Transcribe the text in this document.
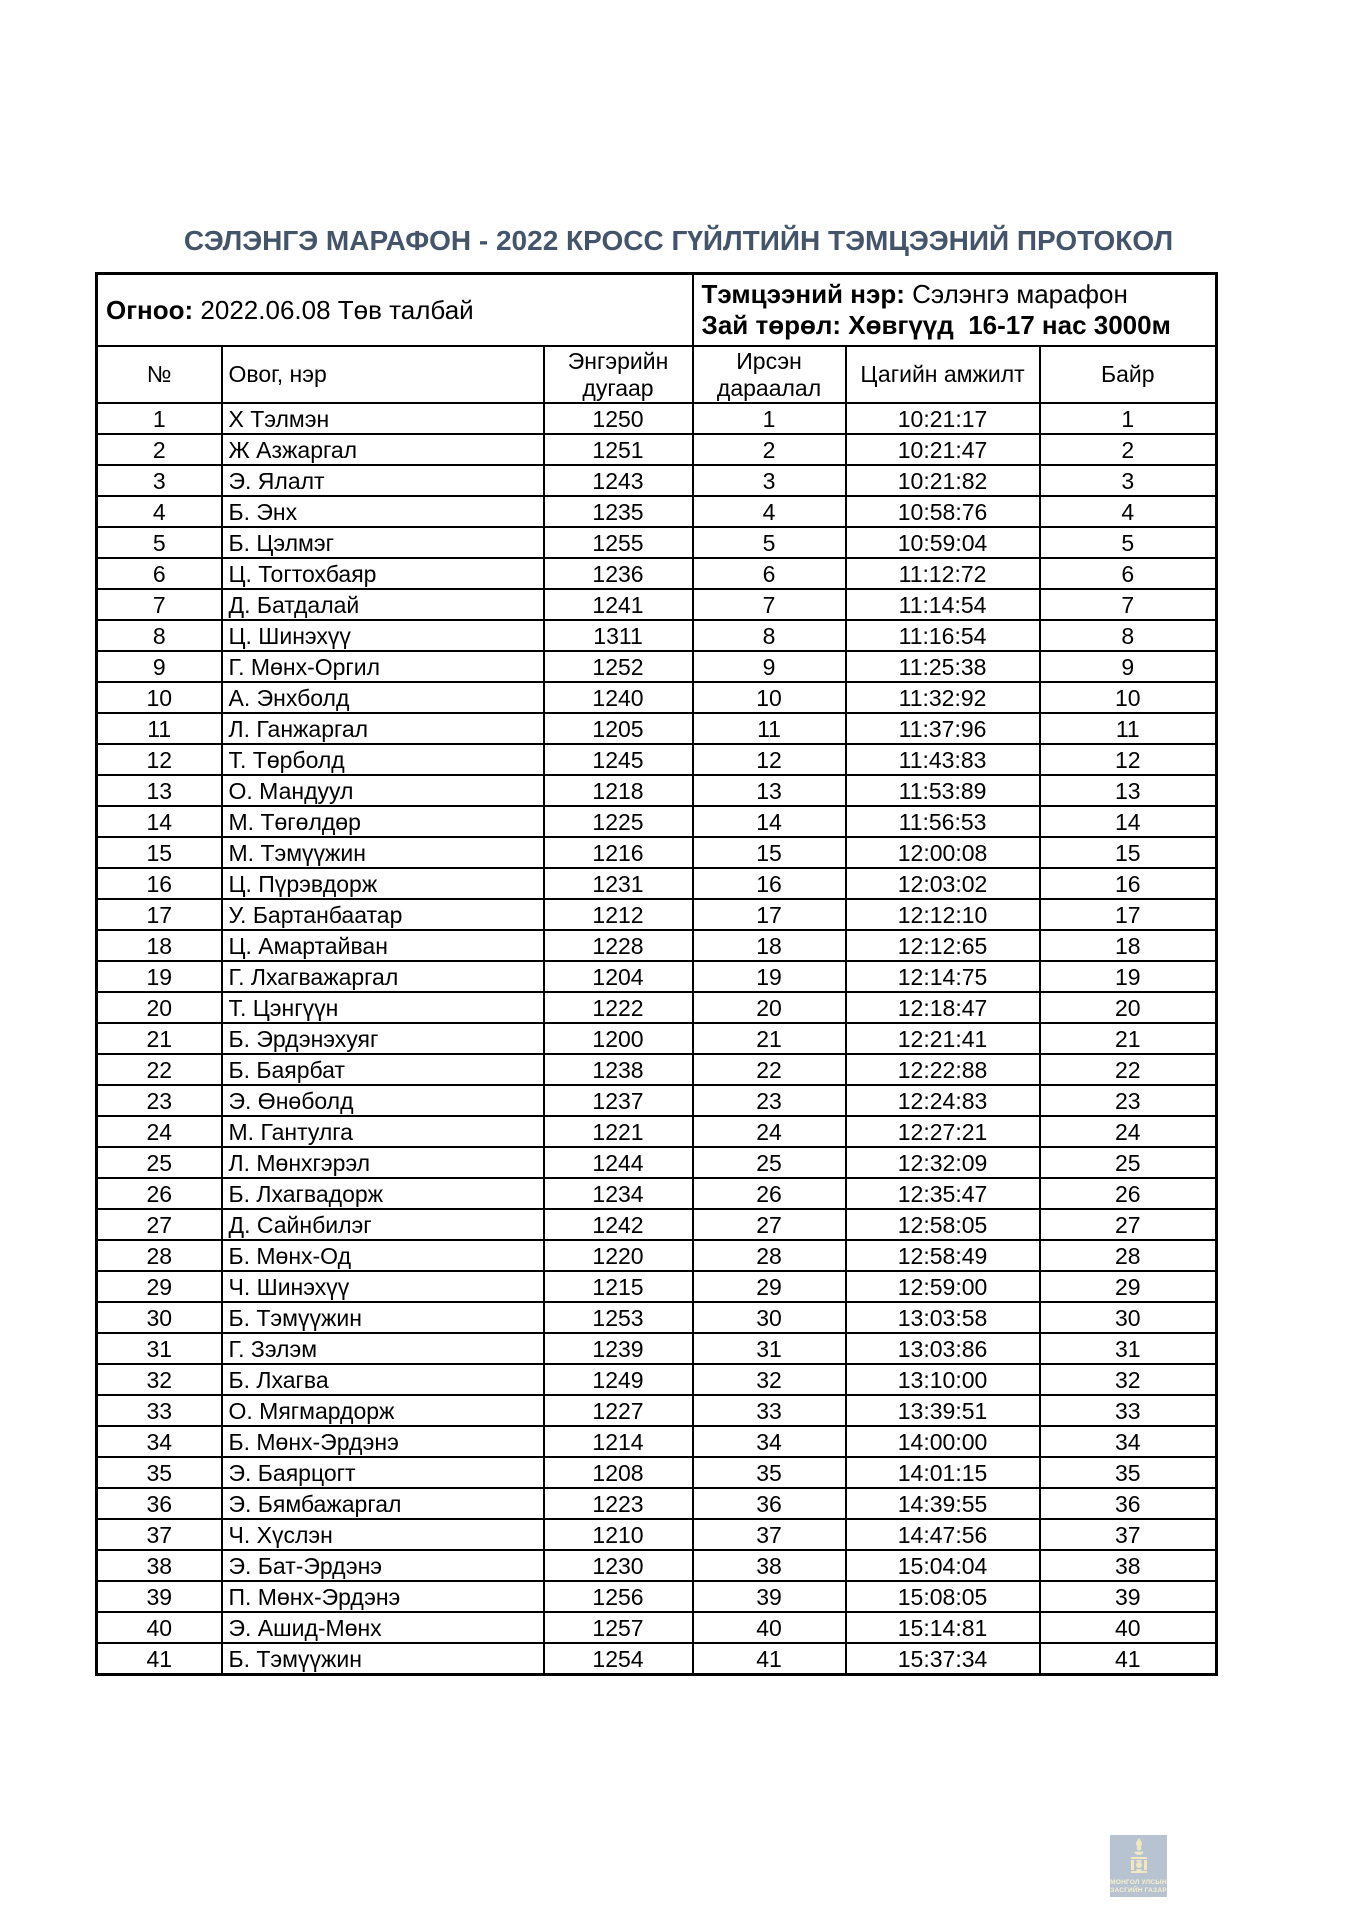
СЭЛЭНГЭ МАРАФОН - 2022 КРОСС ГҮЙЛТИЙН ТЭМЦЭЭНИЙ ПРОТОКОЛ
Огноо: 2022.06.08 Төв талбай			Тэмцээний нэр: Сэлэнгэ марафон
Зай төрөл: Хөвгүүд  16-17 нас 3000м		

№	Овог, нэр	Энгэрийн дугаар	Ирсэн дараалал	Цагийн амжилт	Байр
1	Х Тэлмэн	1250	1	10:21:17	1
2	Ж Азжаргал	1251	2	10:21:47	2
3	Э. Ялалт	1243	3	10:21:82	3
4	Б. Энх	1235	4	10:58:76	4
5	Б. Цэлмэг	1255	5	10:59:04	5
6	Ц. Тогтохбаяр	1236	6	11:12:72	6
7	Д. Батдалай	1241	7	11:14:54	7
8	Ц. Шинэхүү	1311	8	11:16:54	8
9	Г. Мөнх-Оргил	1252	9	11:25:38	9
10	А. Энхболд	1240	10	11:32:92	10
11	Л. Ганжаргал	1205	11	11:37:96	11
12	Т. Төрболд	1245	12	11:43:83	12
13	О. Мандуул	1218	13	11:53:89	13
14	М. Төгөлдөр	1225	14	11:56:53	14
15	М. Тэмүүжин	1216	15	12:00:08	15
16	Ц. Пүрэвдорж	1231	16	12:03:02	16
17	У. Бартанбаатар	1212	17	12:12:10	17
18	Ц. Амартайван	1228	18	12:12:65	18
19	Г. Лхагважаргал	1204	19	12:14:75	19
20	Т. Цэнгүүн	1222	20	12:18:47	20
21	Б. Эрдэнэхуяг	1200	21	12:21:41	21
22	Б. Баярбат	1238	22	12:22:88	22
23	Э. Өнөболд	1237	23	12:24:83	23
24	М. Гантулга	1221	24	12:27:21	24
25	Л. Мөнхгэрэл	1244	25	12:32:09	25
26	Б. Лхагвадорж	1234	26	12:35:47	26
27	Д. Сайнбилэг	1242	27	12:58:05	27
28	Б. Мөнх-Од	1220	28	12:58:49	28
29	Ч. Шинэхүү	1215	29	12:59:00	29
30	Б. Тэмүүжин	1253	30	13:03:58	30
31	Г. Зэлэм	1239	31	13:03:86	31
32	Б. Лхагва	1249	32	13:10:00	32
33	О. Мягмардорж	1227	33	13:39:51	33
34	Б. Мөнх-Эрдэнэ	1214	34	14:00:00	34
35	Э. Баярцогт	1208	35	14:01:15	35
36	Э. Бямбажаргал	1223	36	14:39:55	36
37	Ч. Хүслэн	1210	37	14:47:56	37
38	Э. Бат-Эрдэнэ	1230	38	15:04:04	38
39	П. Мөнх-Эрдэнэ	1256	39	15:08:05	39
40	Э. Ашид-Мөнх	1257	40	15:14:81	40
41	Б. Тэмүүжин	1254	41	15:37:34	41
МОНГОЛ УЛСЫН
ЗАСГИЙН ГАЗАР
